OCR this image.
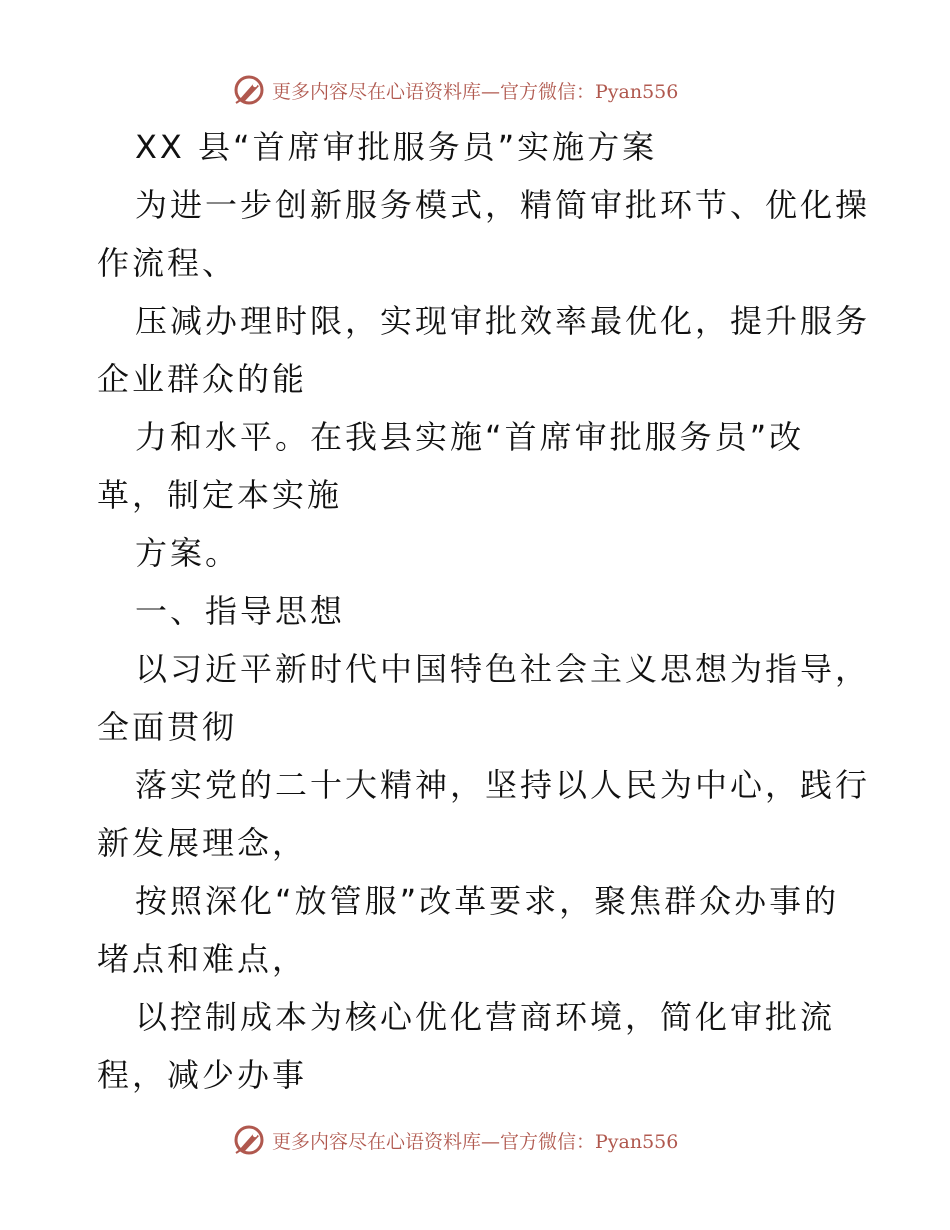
更多内容尽在心语资料库—官方微信：Pyan556
XX 县“首席审批服务员”实施方案
为进一步创新服务模式，精简审批环节、优化操
作流程、
压减办理时限，实现审批效率最优化，提升服务
企业群众的能
力和水平。在我县实施“首席审批服务员”改
革，制定本实施
方案。
一、指导思想
以习近平新时代中国特色社会主义思想为指导，
全面贯彻
落实党的二十大精神，坚持以人民为中心，践行
新发展理念，
按照深化“放管服”改革要求，聚焦群众办事的
堵点和难点，
以控制成本为核心优化营商环境，简化审批流
程，减少办事
更多内容尽在心语资料库—官方微信：Pyan556
